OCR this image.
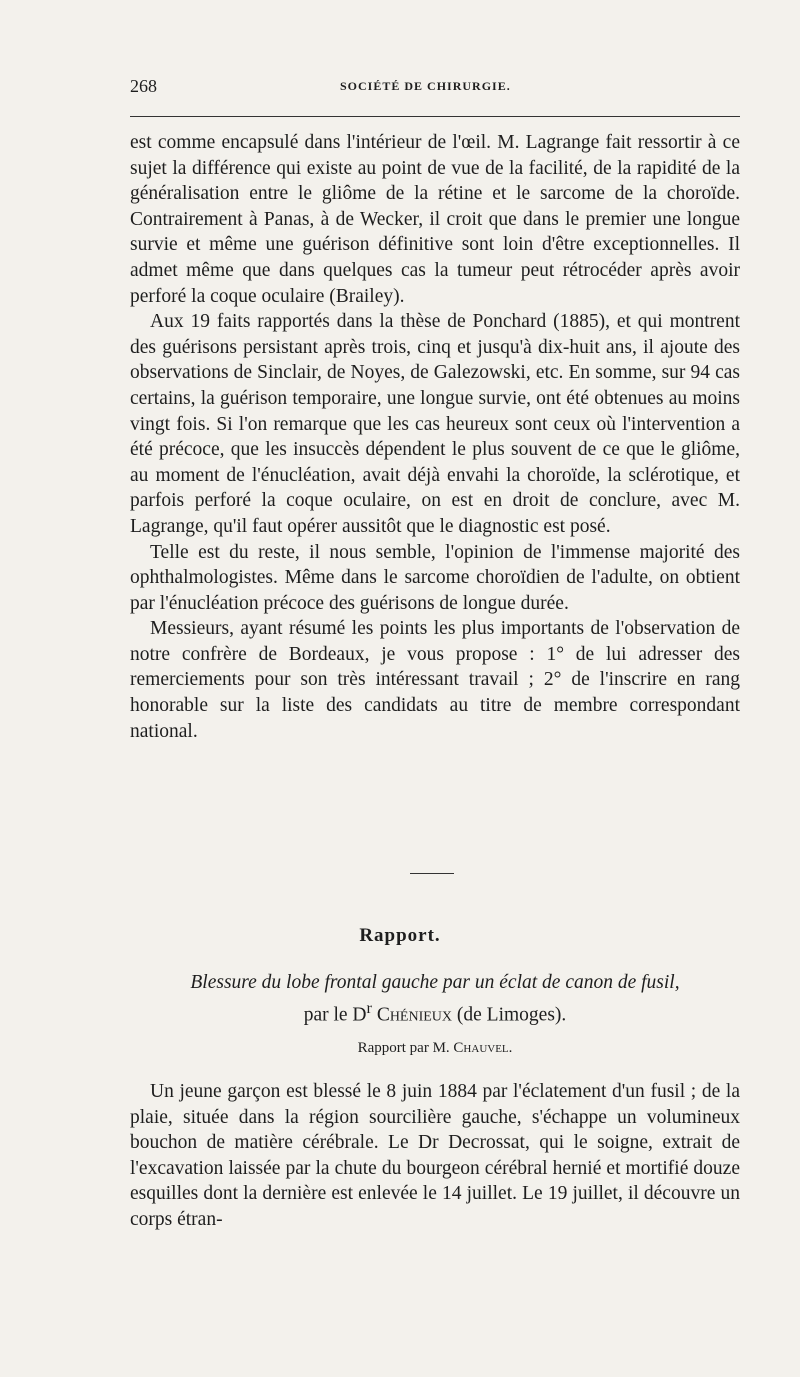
268	SOCIÉTÉ DE CHIRURGIE.

est comme encapsulé dans l'intérieur de l'œil. M. Lagrange fait ressortir à ce sujet la différence qui existe au point de vue de la facilité, de la rapidité de la généralisation entre le gliôme de la rétine et le sarcome de la choroïde. Contrairement à Panas, à de Wecker, il croit que dans le premier une longue survie et même une guérison définitive sont loin d'être exceptionnelles. Il admet même que dans quelques cas la tumeur peut rétrocéder après avoir perforé la coque oculaire (Brailey).

Aux 19 faits rapportés dans la thèse de Ponchard (1885), et qui montrent des guérisons persistant après trois, cinq et jusqu'à dix-huit ans, il ajoute des observations de Sinclair, de Noyes, de Galezowski, etc. En somme, sur 94 cas certains, la guérison temporaire, une longue survie, ont été obtenues au moins vingt fois. Si l'on remarque que les cas heureux sont ceux où l'intervention a été précoce, que les insuccès dépendent le plus souvent de ce que le gliôme, au moment de l'énucléation, avait déjà envahi la choroïde, la sclérotique, et parfois perforé la coque oculaire, on est en droit de conclure, avec M. Lagrange, qu'il faut opérer aussitôt que le diagnostic est posé.

Telle est du reste, il nous semble, l'opinion de l'immense majorité des ophthalmologistes. Même dans le sarcome choroïdien de l'adulte, on obtient par l'énucléation précoce des guérisons de longue durée.

Messieurs, ayant résumé les points les plus importants de l'observation de notre confrère de Bordeaux, je vous propose : 1° de lui adresser des remerciements pour son très intéressant travail ; 2° de l'inscrire en rang honorable sur la liste des candidats au titre de membre correspondant national.

Rapport.
Blessure du lobe frontal gauche par un éclat de canon de fusil,
par le $D^r$ Chénieux (de Limoges).
Rapport par M. Chauvel.

Un jeune garçon est blessé le 8 juin 1884 par l'éclatement d'un fusil ; de la plaie, située dans la région sourcilière gauche, s'échappe un volumineux bouchon de matière cérébrale. Le Dr Decrossat, qui le soigne, extrait de l'excavation laissée par la chute du bourgeon cérébral hernié et mortifié douze esquilles dont la dernière est enlevée le 14 juillet. Le 19 juillet, il découvre un corps étran-
